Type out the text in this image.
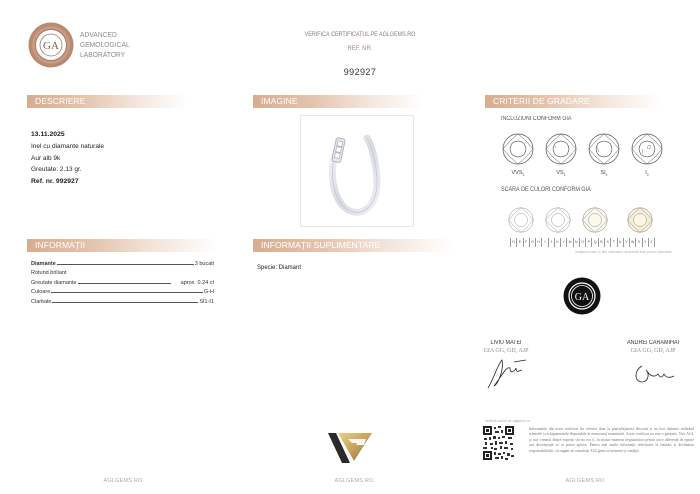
GA
ADVANCED
GEMOLOGICAL
LABORATORY
VERIFICĂ CERTIFICATUL PE AGLGEMS.RO
REF. NR.
992927
DESCRIERE	IMAGINE	CRITERII DE GRADARE
INFORMAȚII	INFORMAȚII SUPLIMENTARE
13.11.2025
Inel cu diamante naturale
Aur alb 9k
Greutate: 2.13 gr.
Ref. nr. 992927
INCLUZIUNI CONFORM GIA
$VVS_2$	$VS_1$	$SI_1$	$I_2$
SCARĂ DE CULORI CONFORM GIA
D	E	F	G	H	I	J	K	L	M	N	O	P	Q	R	S	T	U	V W X	Y	Z
Imaginea este cu titlu informativ, aplicabilă doar pentru diamante
Diamante	3 bucati
Rotund briliant
Greutate diamante	aprox. 0.24 ct
Culoare	G-H
Claritate	SI1-I1
Specie: Diamant
GA
LIVIU MATEI
GIA GG, GD, AJP
ANDREI CARAMIHAI
GIA GG, GD, AJP
Verifică online pe aglgems.ro
Informațiile din acest certificat fac referire doar la piatra/bijuteria descrisă și au fost obținute utilizând tehnicile și echipamentele disponibile în momentul examinării. Acest certificat nu este o garanție. Nici AGL și nici vreunul dintre experții săi nu vor fi, în niciun moment răspunzători pentru orice diferență de opinie sau discrepanță ce ar putea apărea. Pentru mai multe informații referitoare la limitări și declinarea responsabilității, vă rugăm să consultați AGLgems.ro/termeni și condiții.
AGLGEMS.RO	AGLGEMS.RO	AGLGEMS.RO
